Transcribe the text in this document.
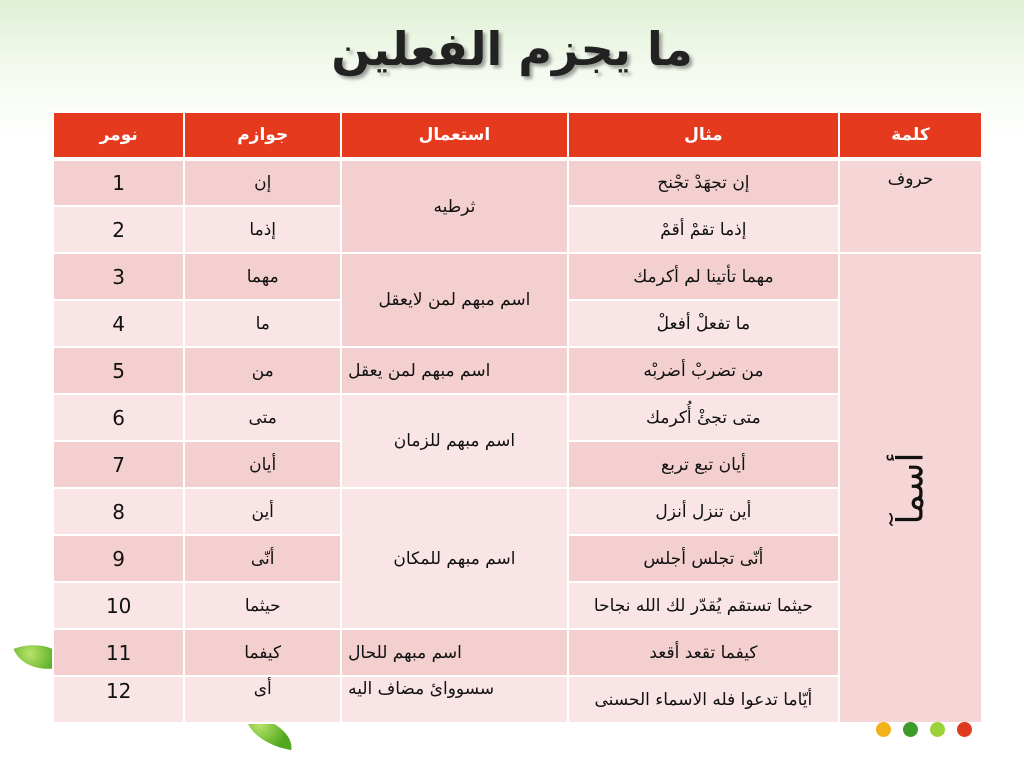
ما يجزم الفعلين
كلمة	مثال	استعمال	جوازم	نومر
حروف	إن تجهَدْ تجْنح	ثرطيه	إن	1
	إذما تقمْ أقمْ		إذما	2
أسمآ	مهما تأتينا لم أكرمك	اسم مبهم لمن لايعقل	مهما	3
	ما تفعلْ أفعلْ		ما	4
	من تضربْ أضربْه	اسم مبهم لمن يعقل	من	5
	متى تجئْ أُكرمك	اسم مبهم للزمان	متى	6
	أيان تبع تربع		أيان	7
	أين تنزل أنزل	اسم مبهم للمكان	أين	8
	أنّى تجلس أجلس		أنّى	9
	حيثما تستقم يُقدّر لك الله نجاحا		حيثما	10
	كيفما تقعد أقعد	اسم مبهم للحال	كيفما	11
	أيّاما تدعوا فله الاسماء الحسنى	سسوواىٔ مضاف اليه	أى	12
